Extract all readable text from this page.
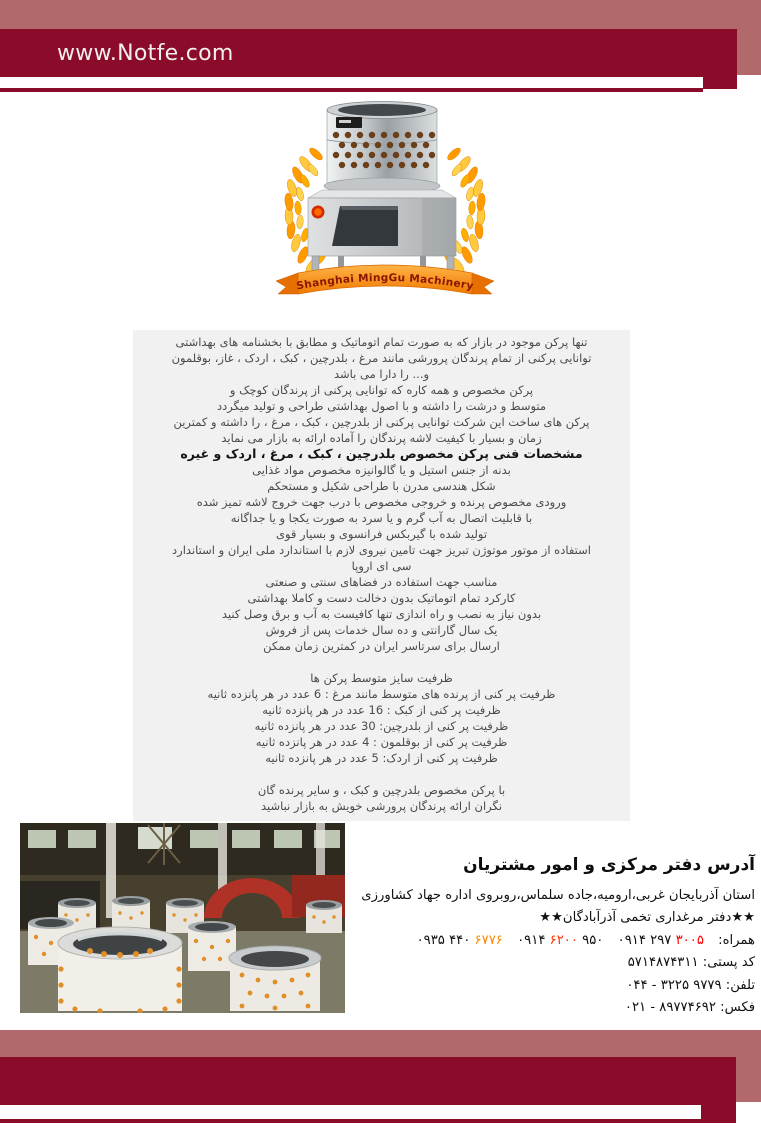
www.Notfe.com
Shanghai MingGu Machinery
تنها پرکن موجود در بازار که به صورت تمام اتوماتیک و مطابق با بخشنامه های بهداشتی
توانایی پرکنی از تمام پرندگان پرورشی مانند مرغ ، بلدرچین ، کبک ، اردک ، غاز، بوقلمون
و... را دارا می باشد
پرکن مخصوص و همه کاره که توانایی پرکنی از پرندگان کوچک و
متوسط و درشت را داشته و با اصول بهداشتی طراحی و تولید میگردد
پرکن های ساخت این شرکت توانایی پرکنی از بلدرچین ، کبک ، مرغ ، را داشته و کمترین
زمان و بسیار با کیفیت لاشه پرندگان را آماده ارائه به بازار می نماید
مشخصات فنی پرکن مخصوص بلدرچین ، کبک ، مرغ ، اردک و غیره
بدنه از جنس استیل و یا گالوانیزه مخصوص مواد غذایی
شکل هندسی مدرن با طراحی شکیل و مستحکم
ورودی مخصوص پرنده و خروجی مخصوص با درب جهت خروج لاشه تمیز شده
با قابلیت اتصال به آب گرم و یا سرد به صورت یکجا و یا جداگانه
تولید شده با گیربکس فرانسوی و بسیار قوی
استفاده از موتور موتوژن تبریز جهت تامین نیروی لازم با استاندارد ملی ایران و استاندارد
سی ای اروپا
مناسب جهت استفاده در فضاهای سنتی و صنعتی
کارکرد تمام اتوماتیک بدون دخالت دست و کاملا بهداشتی
بدون نیاز به نصب و راه اندازی تنها کافیست به آب و برق وصل کنید
یک سال گارانتی و ده سال خدمات پس از فروش
ارسال برای سرتاسر ایران در کمترین زمان ممکن
ظرفیت سایز متوسط پرکن ها
ظرفیت پر کنی از پرنده های متوسط مانند مرغ : 6 عدد در هر پانزده ثانیه
ظرفیت پر کنی از کبک : 16 عدد در هر پانزده ثانیه
ظرفیت پر کنی از بلدرچین: 30 عدد در هر پانزده ثانیه
ظرفیت پر کنی از بوقلمون : 4 عدد در هر پانزده ثانیه
ظرفیت پر کنی از اردک: 5 عدد در هر پانزده ثانیه
با پرکن مخصوص بلدرچین و کبک ، و سایر پرنده گان
نگران ارائه پرندگان پرورشی خویش به بازار نباشید
آدرس دفتر مرکزی و امور مشتریان
استان آذربایجان غربی،ارومیه،جاده سلماس،روبروی اداره جهاد کشاورزی
★★دفتر مرغداری تخمی آذرآبادگان★★
همراه: ۰۹۱۴ ۲۹۷ ۳۰۰۵ ۰۹۱۴ ۶۲۰۰ ۹۵۰ ۰۹۳۵ ۴۴۰ ۶۷۷۶
کد پستی: ۵۷۱۴۸۷۴۳۱۱
تلفن: ۰۴۴ - ۳۲۲۵ ۹۷۷۹
فکس: ۰۲۱ - ۸۹۷۷۴۶۹۲
